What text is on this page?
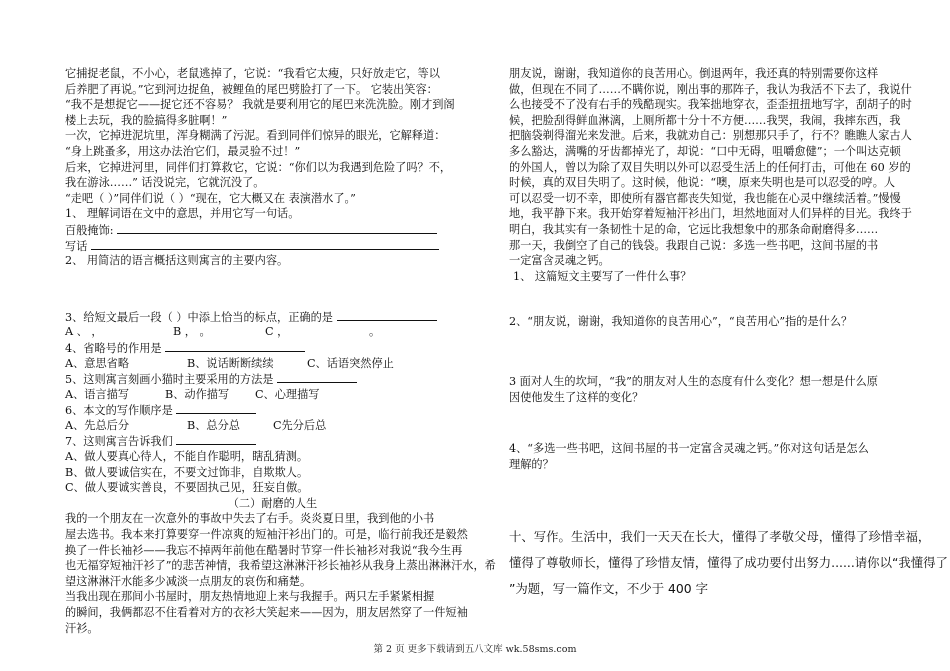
它捕捉老鼠，不小心，老鼠逃掉了，它说：“我看它太瘦，只好放走它，等以
后养肥了再说。”它到河边捉鱼，被鲤鱼的尾巴劈脸打了一下。 它装出笑容：
“我不是想捉它——捉它还不容易？ 我就是要利用它的尾巴来洗洗脸。刚才到阁
楼上去玩，我的脸搞得多脏啊！”
一次，它掉进泥坑里，浑身糊满了污泥。看到同伴们惊异的眼光，它解释道：
“身上跳蚤多，用这办法治它们，最灵验不过！”
后来，它掉进河里，同伴们打算救它，它说：“你们以为我遇到危险了吗？不，
我在游泳……” 话没说完，它就沉没了。
“走吧（ ）”同伴们说（ ）“现在，它大概又在 表演潜水了。”
1、 理解词语在文中的意思，并用它写一句话。
百般掩饰:
写话
2、 用简洁的语言概括这则寓言的主要内容。
3、给短文最后一段（ ）中添上恰当的标点，正确的是
A 、 ，	B ， 。	C ，	。
4、省略号的作用是
A、意思省略	B、说话断断续续	C、话语突然停止
5、这则寓言刻画小猫时主要采用的方法是
A、语言描写	B、动作描写 C、心理描写
6、本文的写作顺序是
A、先总后分	B、总分总	C先分后总
7、这则寓言告诉我们
A、做人要真心待人，不能自作聪明，瞎乱猜测。
B、做人要诚信实在，不要文过饰非，自欺欺人。
C、做人要诚实善良，不要固执己见，狂妄自傲。
（二）耐磨的人生
我的一个朋友在一次意外的事故中失去了右手。炎炎夏日里，我到他的小书
屋去选书。我本来打算要穿一件凉爽的短袖汗衫出门的。可是，临行前我还是毅然
换了一件长袖衫——我忘不掉两年前他在酷暑时节穿一件长袖衫对我说“我今生再
也无福穿短袖汗衫了”的悲苦神情，我希望这淋淋汗衫长袖衫从我身上蒸出淋淋汗水，希
望这淋淋汗水能多少减淡一点朋友的哀伤和痛楚。
当我出现在那间小书屋时，朋友热情地迎上来与我握手。两只左手紧紧相握
的瞬间，我俩都忍不住看着对方的衣衫大笑起来——因为，朋友居然穿了一件短袖
汗衫。
朋友说，谢谢，我知道你的良苦用心。倒退两年，我还真的特别需要你这样
做，但现在不同了……不瞒你说，刚出事的那阵子，我认为我活不下去了，我说什
么也接受不了没有右手的残酷现实。我笨拙地穿衣，歪歪扭扭地写字，刮胡子的时
候，把脸刮得鲜血淋漓，上厕所都十分十不方便……我哭，我闹，我摔东西，我
把脑袋剃得溜光来发泄。后来，我就劝自己：别想那只手了，行不？瞧瞧人家古人
多么豁达，满嘴的牙齿都掉光了，却说：“口中无碍，咀嚼愈健”；一个叫达克顿
的外国人，曾以为除了双目失明以外可以忍受生活上的任何打击，可他在 60 岁的
时候，真的双目失明了。这时候，他说：“噢，原来失明也是可以忍受的哼。人
可以忍受一切不幸，即使所有器官都丧失知觉，我也能在心灵中继续活着。”慢慢
地，我平静下来。我开始穿着短袖汗衫出门，坦然地面对人们异样的目光。我终于
明白，我其实有一条韧性十足的命，它远比我想象中的那条命耐磨得多……
那一天，我倒空了自己的钱袋。我跟自己说：多选一些书吧，这间书屋的书
一定富含灵魂之钙。
1、 这篇短文主要写了一件什么事？
2、“朋友说，谢谢，我知道你的良苦用心”，“良苦用心”指的是什么？
3 面对人生的坎坷，“我”的朋友对人生的态度有什么变化？想一想是什么原
因使他发生了这样的变化？
4、“多选一些书吧，这间书屋的书一定富含灵魂之钙。”你对这句话是怎么
理解的？
十、写作。生活中，我们一天天在长大，懂得了孝敬父母，懂得了珍惜幸福，
懂得了尊敬师长，懂得了珍惜友情，懂得了成功要付出努力......请你以“我懂得了
”为题，写一篇作文，不少于 400 字
第 2 页 更多下载请到五八文库 wk.58sms.com
